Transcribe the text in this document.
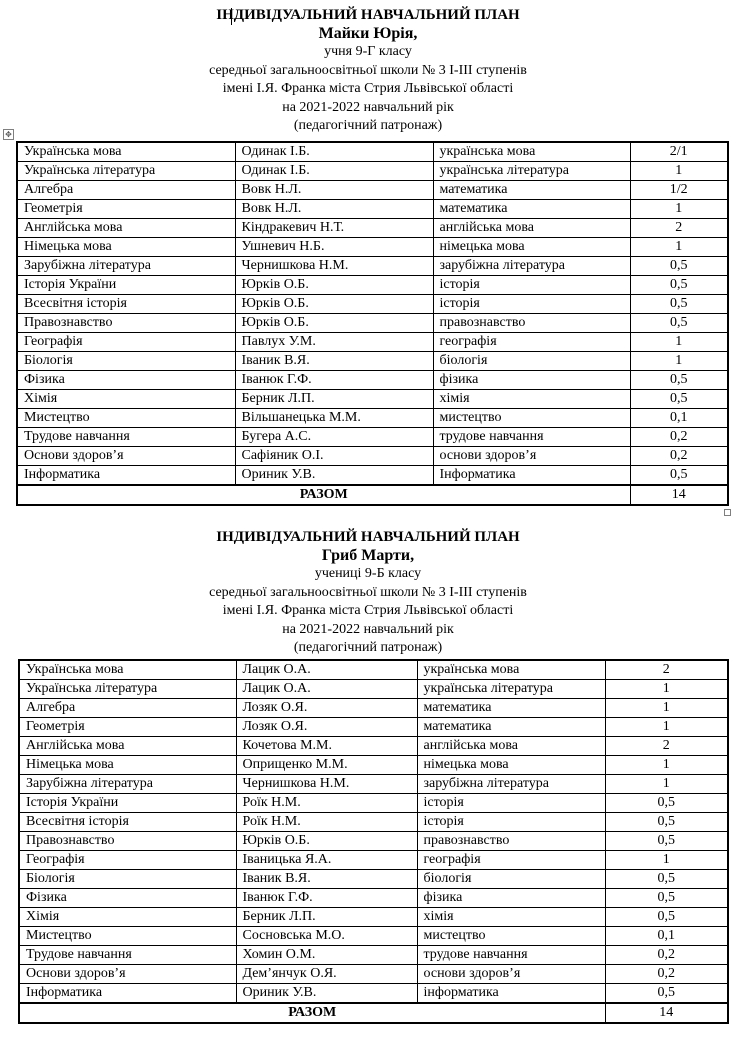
✥
ІНДИВІДУАЛЬНИЙ НАВЧАЛЬНИЙ ПЛАН
Майки Юрія,
учня 9-Г класу
середньої загальноосвітньої школи № 3 І-ІІІ ступенів
імені І.Я. Франка міста Стрия Львівської області
на 2021-2022 навчальний рік
(педагогічний патронаж)
Українська мова	Одинак І.Б.	українська мова	2/1
Українська література	Одинак І.Б.	українська література	1
Алгебра	Вовк Н.Л.	математика	1/2
Геометрія	Вовк Н.Л.	математика	1
Англійська мова	Кіндракевич Н.Т.	англійська мова	2
Німецька мова	Ушневич Н.Б.	німецька мова	1
Зарубіжна література	Чернишкова Н.М.	зарубіжна література	0,5
Історія України	Юрків О.Б.	історія	0,5
Всесвітня історія	Юрків О.Б.	історія	0,5
Правознавство	Юрків О.Б.	правознавство	0,5
Географія	Павлух У.М.	географія	1
Біологія	Іваник В.Я.	біологія	1
Фізика	Іванюк Г.Ф.	фізика	0,5
Хімія	Берник Л.П.	хімія	0,5
Мистецтво	Вільшанецька М.М.	мистецтво	0,1
Трудове навчання	Бугера А.С.	трудове навчання	0,2
Основи здоров’я	Сафіяник О.І.	основи здоров’я	0,2
Інформатика	Ориник У.В.	Інформатика	0,5
РАЗОМ			14
ІНДИВІДУАЛЬНИЙ НАВЧАЛЬНИЙ ПЛАН
Гриб Марти,
учениці 9-Б класу
середньої загальноосвітньої школи № 3 І-ІІІ ступенів
імені І.Я. Франка міста Стрия Львівської області
на 2021-2022 навчальний рік
(педагогічний патронаж)
Українська мова	Лацик О.А.	українська мова	2
Українська література	Лацик О.А.	українська література	1
Алгебра	Лозяк О.Я.	математика	1
Геометрія	Лозяк О.Я.	математика	1
Англійська мова	Кочетова М.М.	англійська мова	2
Німецька мова	Оприщенко М.М.	німецька мова	1
Зарубіжна література	Чернишкова Н.М.	зарубіжна література	1
Історія України	Роїк Н.М.	історія	0,5
Всесвітня історія	Роїк Н.М.	історія	0,5
Правознавство	Юрків О.Б.	правознавство	0,5
Географія	Іваницька Я.А.	географія	1
Біологія	Іваник В.Я.	біологія	0,5
Фізика	Іванюк Г.Ф.	фізика	0,5
Хімія	Берник Л.П.	хімія	0,5
Мистецтво	Сосновська М.О.	мистецтво	0,1
Трудове навчання	Хомин О.М.	трудове навчання	0,2
Основи здоров’я	Дем’янчук О.Я.	основи здоров’я	0,2
Інформатика	Ориник У.В.	інформатика	0,5
РАЗОМ			14
